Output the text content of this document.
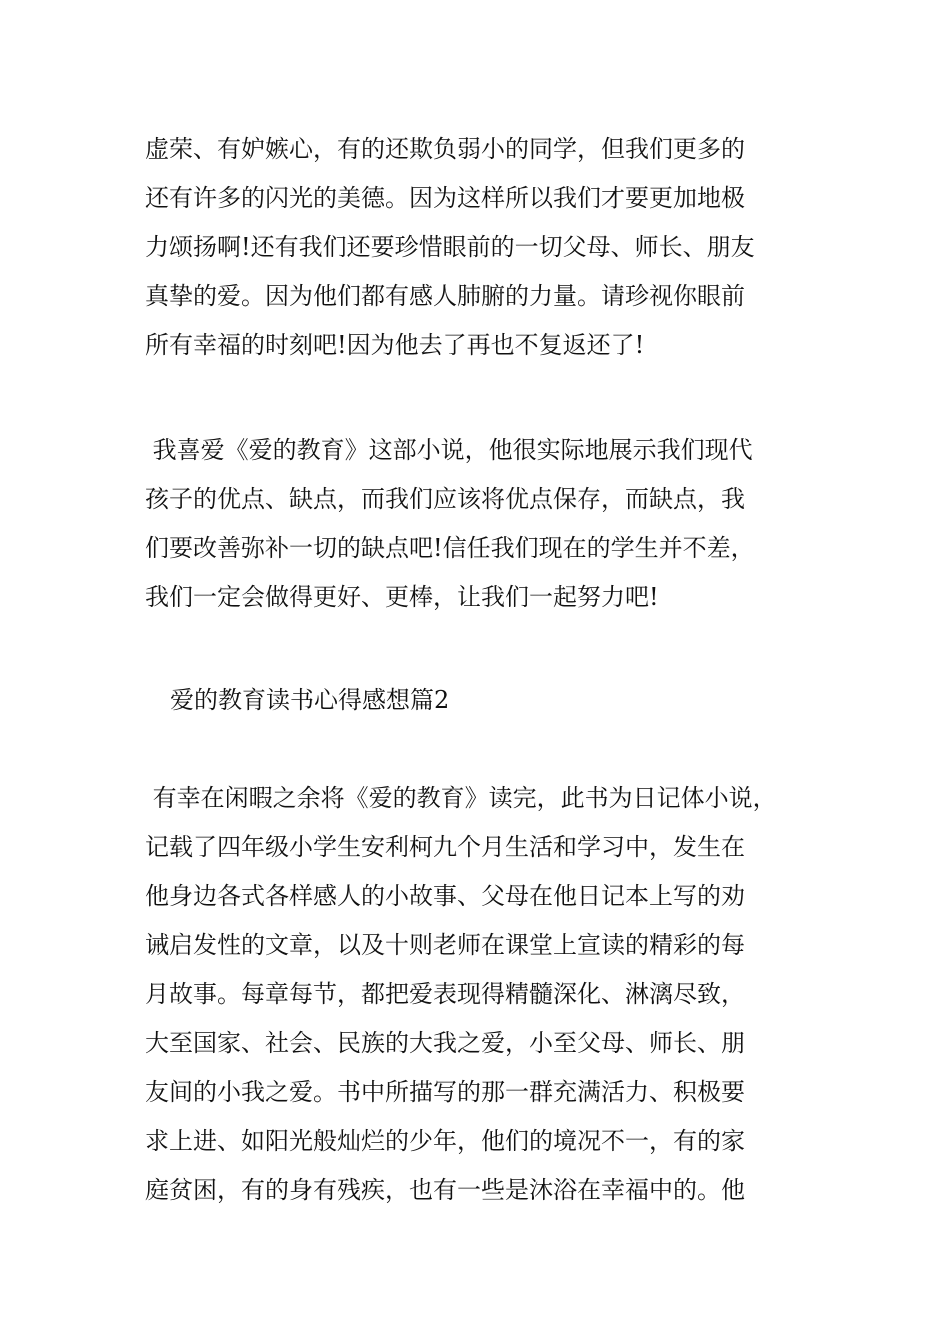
虚荣、有妒嫉心，有的还欺负弱小的同学，但我们更多的
还有许多的闪光的美德。因为这样所以我们才要更加地极
力颂扬啊!还有我们还要珍惜眼前的一切父母、师长、朋友
真挚的爱。因为他们都有感人肺腑的力量。请珍视你眼前
所有幸福的时刻吧!因为他去了再也不复返还了!

我喜爱《爱的教育》这部小说，他很实际地展示我们现代
孩子的优点、缺点，而我们应该将优点保存，而缺点，我
们要改善弥补一切的缺点吧!信任我们现在的学生并不差，
我们一定会做得更好、更棒，让我们一起努力吧!

爱的教育读书心得感想篇2

有幸在闲暇之余将《爱的教育》读完，此书为日记体小说，
记载了四年级小学生安利柯九个月生活和学习中，发生在
他身边各式各样感人的小故事、父母在他日记本上写的劝
诫启发性的文章，以及十则老师在课堂上宣读的精彩的每
月故事。每章每节，都把爱表现得精髓深化、淋漓尽致，
大至国家、社会、民族的大我之爱，小至父母、师长、朋
友间的小我之爱。书中所描写的那一群充满活力、积极要
求上进、如阳光般灿烂的少年，他们的境况不一，有的家
庭贫困，有的身有残疾，也有一些是沐浴在幸福中的。他
